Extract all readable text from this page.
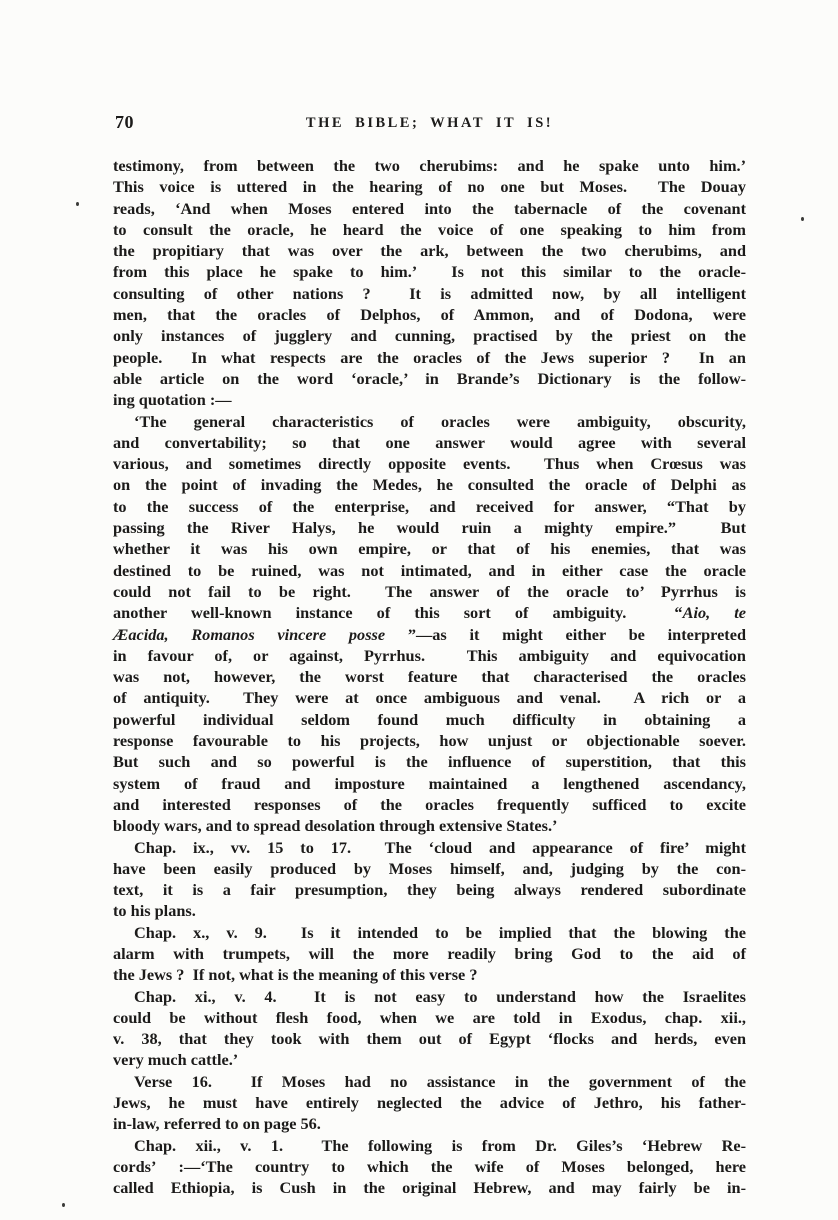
70	THE BIBLE; WHAT IT IS!
testimony, from between the two cherubims: and he spake unto him.’
This voice is uttered in the hearing of no one but Moses.  The Douay
reads, ‘And when Moses entered into the tabernacle of the covenant
to consult the oracle, he heard the voice of one speaking to him from
the propitiary that was over the ark, between the two cherubims, and
from this place he spake to him.’  Is not this similar to the oracle-
consulting of other nations ?  It is admitted now, by all intelligent
men, that the oracles of Delphos, of Ammon, and of Dodona, were
only instances of jugglery and cunning, practised by the priest on the
people.  In what respects are the oracles of the Jews superior ?  In an
able article on the word ‘oracle,’ in Brande’s Dictionary is the follow-
ing quotation :—
‘The general characteristics of oracles were ambiguity, obscurity,
and convertability; so that one answer would agree with several
various, and sometimes directly opposite events.  Thus when Crœsus was
on the point of invading the Medes, he consulted the oracle of Delphi as
to the success of the enterprise, and received for answer, “That by
passing the River Halys, he would ruin a mighty empire.”  But
whether it was his own empire, or that of his enemies, that was
destined to be ruined, was not intimated, and in either case the oracle
could not fail to be right.  The answer of the oracle to’ Pyrrhus is
another well-known instance of this sort of ambiguity.  “Aio, te
Æacida, Romanos vincere posse ”—as it might either be interpreted
in favour of, or against, Pyrrhus.  This ambiguity and equivocation
was not, however, the worst feature that characterised the oracles
of antiquity.  They were at once ambiguous and venal.  A rich or a
powerful individual seldom found much difficulty in obtaining a
response favourable to his projects, how unjust or objectionable soever.
But such and so powerful is the influence of superstition, that this
system of fraud and imposture maintained a lengthened ascendancy,
and interested responses of the oracles frequently sufficed to excite
bloody wars, and to spread desolation through extensive States.’
Chap. ix., vv. 15 to 17.  The ‘cloud and appearance of fire’ might
have been easily produced by Moses himself, and, judging by the con-
text, it is a fair presumption, they being always rendered subordinate
to his plans.
Chap. x., v. 9.  Is it intended to be implied that the blowing the
alarm with trumpets, will the more readily bring God to the aid of
the Jews ?  If not, what is the meaning of this verse ?
Chap. xi., v. 4.  It is not easy to understand how the Israelites
could be without flesh food, when we are told in Exodus, chap. xii.,
v. 38, that they took with them out of Egypt ‘flocks and herds, even
very much cattle.’
Verse 16.  If Moses had no assistance in the government of the
Jews, he must have entirely neglected the advice of Jethro, his father-
in-law, referred to on page 56.
Chap. xii., v. 1.  The following is from Dr. Giles’s ‘Hebrew Re-
cords’ :—‘The country to which the wife of Moses belonged, here
called Ethiopia, is Cush in the original Hebrew, and may fairly be in-
